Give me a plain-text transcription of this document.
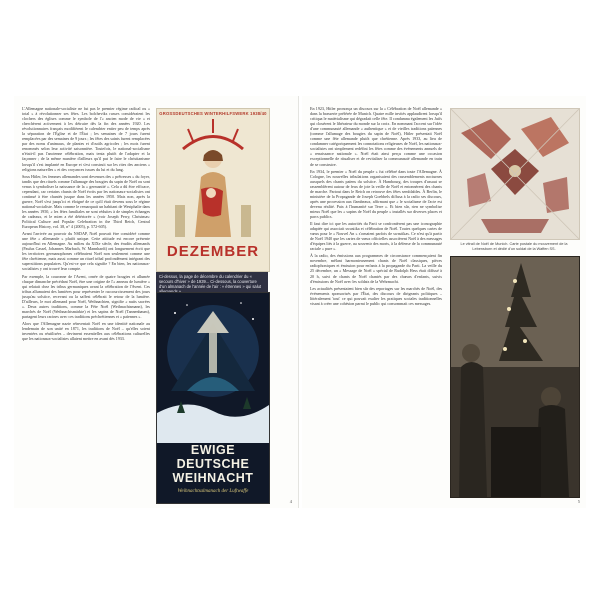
L'Allemagne nationale-socialiste ne fut pas le premier régime radical ou « total » à révolutionner ses fêtes. Les bolcheviks russes considéraient les clochers des églises comme le symbole de l'« ancien mode de vie » et cherchèrent activement à les détruire dès la fin des années 1920. Les révolutionnaires français modifièrent le calendrier entier peu de temps après la séparation de l'Église et de l'État ; les semaines de 7 jours furent remplacées par des semaines de 9 jours ; les fêtes des saints furent remplacées par des noms d'animaux, de plantes et d'outils agricoles ; les mois furent renommés selon leur activité saisonnière. Toutefois, le national-socialisme n'était-il pas l'ancienne célébration, mais tenta plutôt de l'adapter et la façonner ; de la même manière d'ailleurs qu'il put le faire le christianisme lorsqu'il s'est implanté en Europe et s'est construit sur les rites des anciens « religions naturelles » et des croyances issues du lui et du lung.

Sous Hitler, les femmes allemandes sont devenues des « prêtresses » du foyer, tandis que des rituels comme l'allumage des bougies du sapin de Noël ou sont venus à symboliser la naissance de la « germanité ». Cela a dû être efficace, cependant, car certains chants de Noël écrits par les nationaux-socialistes ont continué à être chantés jusque dans les années 1950. Mais non, après la guerre, Noël s'est jusqu'ici et éloigné de ce qu'il était devenu sous le régime national-socialiste. Mais comme le remarquait un habitant de Westphalie dans les années 1950, « les fêtes familiales ne sont réduites à de simples échanges de cadeaux, et le mien a été détériorée » (voir Joseph Perry, Christmas: Political Culture and Popular Celebration in the Third Reich, Central European History, vol. 38, n° 4 (2005), p. 572-605).

Avant l'arrivée au pouvoir du NSDAP, Noël pouvait être considéré comme une fête « allemande » plutôt unique. Cette attitude est encore présente aujourd'hui en Allemagne. Au milieu du XIXe siècle, des érudits allemands (Paulus Cassel, Johannes Marbach, W. Mannhardt) ont longuement écrit que les territoires germanophones célébraient Noël non seulement comme une fête chrétienne, mais aussi comme un rituel tribal profondément intégrant des superstitions populaires. Qu'est-ce que cela signifie ? En bien, les nationaux-socialistes y ont trouvé leur compte.

Par exemple, la couronne de l'Avent, ornée de quatre bougies et allumée chaque dimanche précédant Noël, être une origine de l'« anneau de lumière » qui relatait chez les tribus germaniques avant la célébration de l'Avent. Ces tribus allumaient des lumières pour représenter le raccourcissement des jours jusqu'au solstice, recevant ou la saffest célébrait le retour de la lumière. D'ailleurs, le mot allemand pour Noël, Weihnachten, signifie « nuits sacrées ». Deux autres traditions, comme la Fête Noël (Weihnachtsmann), les marchés de Noël (Weihnachtsmärkte) et les sapins de Noël (Tannenbaum), partagent leurs racines avec ces traditions préchrétiennes et « païennes ».

Alors que l'Allemagne nazie réinventait Noël en une identité nationale au lendemain de son unité en 1871, les traditions de Noël – qu'elles soient inventées ou réutilisées – devinrent essentielles aux célébrations culturelles que les nationaux-socialistes allaient mettre en avant dès 1933.

GROSSDEUTSCHES WINTERHILFSWERK 1938/40
DEZEMBER
Ci-dessus, la page de décembre du calendrier du « secours d'hiver » de 1939... Ci-dessous, la couverture d'un almanach de l'année de l'air : « étrennes » qui salut
EWIGE
DEUTSCHE
WEIHNACHT
Weihnachtsalmanach der Luftwaffe
4

En 1923, Hitler prononça un discours sur la « Célébration de Noël allemande » dans la brasserie préférée de Munich. Quatre mille invités applaudirent lorsqu'il critiqua le matérialisme qui dégradait celle fête. Il condamna également les Juifs qui clouèrent le libérateur du monde sur la croix. En nommant l'accent sur l'idée d'une communauté allemande « authentique » et de vieilles traditions païennes (comme l'allumage des bougies du sapin de Noël), Hitler présentait Noël comme une fête allemande plutôt que chrétienne. Après 1933, au lieu de condamner catégoriquement les connotations religieuses de Noël, les nationaux-socialistes ont simplement redéfini les fêtes comme des événements annuels de « renaissance nationale ». Noël était ainsi perçu comme une occasion exceptionnelle de ritualiser et de revitaliser la communauté allemande en train de se construire.

En 1934, le premier « Noël du peuple » fut célébré dans toute l'Allemagne. À Cologne, les nouvelles tribulations organisaient des rassemblements nocturnes auxquels des chants païens du solstice. À Hambourg, des troupes d'assaut se rassemblèrent autour de feux de joie la veille de Noël et entonnèrent des chants de marche. Partout dans le Reich on retrouve des fêtes semblables. À Berlin, le ministère de la Propagande de Joseph Goebbels diffusa à la radio ses discours, après une procession aux flambeaux, affirmant que « le socialisme de l'acte est devenu réalité. Paix à l'humanité sur Terre ». Et bien sûr, rien ne symbolise mieux Noël que les « sapins de Noël du peuple » installés sur diverses places et parcs publics.

Il faut dire ici que les autorités du Parti se confrontèrent pas une iconographie adaptée qui associait swastika et célébration de Noël. Toutes quelques cartes de vœux pour le « Nouvel An » s'ornaient parfois de swastikas. Ce n'est qu'à partir de Noël 1940 que les cartes de vœux officielles associèrent Noël à des messages d'équipes liés à la guerre, au souvenir des morts, à la défense de la communauté raciale « pure ».

À la radio, des émissions aux programmes de circonstance commençaient fin novembre, mêlant harmonieusement chants de Noël classiques, pièces radiophoniques et émission pour enfants à la propagande du Parti. La veille du 25 décembre, un « Message de Noël » spécial de Rudolph Hess était diffusé à 20 h, suivi de chants de Noël chantés par des chœurs d'enfants, suivis d'émissions de Noël avec les soldats de la Wehrmacht.

Les actualités présentaient bien sûr des reportages sur les marchés de Noël, des événements sponsorisés par l'État, des discours de dirigeants politiques – littéralement 'tout' ce qui pouvait exalter les pratiques sociales traditionnelles visant à créer une cohésion parmi le public qui consommait ces messages.

Le vitrail de Noël de Munich. Carte postale du mouvement de la Lebensborn et dédié d'un soldat de la Waffen SS.
5
